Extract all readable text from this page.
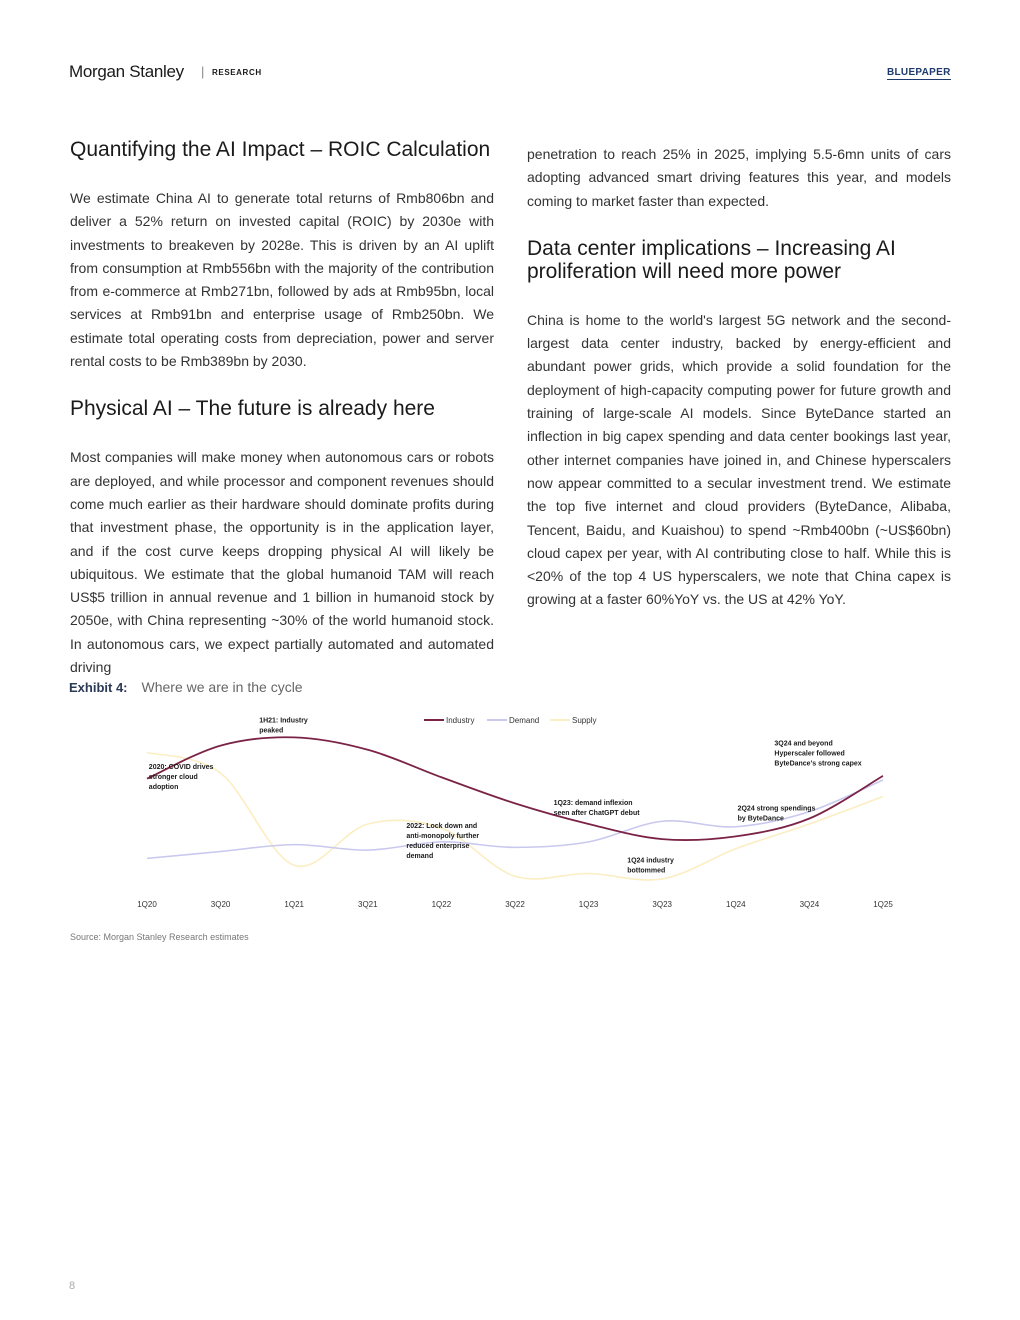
Morgan Stanley | RESEARCH	BLUEPAPER
Quantifying the AI Impact – ROIC Calculation

We estimate China AI to generate total returns of Rmb806bn and deliver a 52% return on invested capital (ROIC) by 2030e with investments to breakeven by 2028e. This is driven by an AI uplift from consumption at Rmb556bn with the majority of the contribution from e-commerce at Rmb271bn, followed by ads at Rmb95bn, local services at Rmb91bn and enterprise usage of Rmb250bn. We estimate total operating costs from depreciation, power and server rental costs to be Rmb389bn by 2030.

Physical AI – The future is already here

Most companies will make money when autonomous cars or robots are deployed, and while processor and component revenues should come much earlier as their hardware should dominate profits during that investment phase, the opportunity is in the application layer, and if the cost curve keeps dropping physical AI will likely be ubiquitous. We estimate that the global humanoid TAM will reach US$5 trillion in annual revenue and 1 billion in humanoid stock by 2050e, with China representing ~30% of the world humanoid stock. In autonomous cars, we expect partially automated and automated driving

penetration to reach 25% in 2025, implying 5.5-6mn units of cars adopting advanced smart driving features this year, and models coming to market faster than expected.

Data center implications – Increasing AI proliferation will need more power

China is home to the world's largest 5G network and the second-largest data center industry, backed by energy-efficient and abundant power grids, which provide a solid foundation for the deployment of high-capacity computing power for future growth and training of large-scale AI models. Since ByteDance started an inflection in big capex spending and data center bookings last year, other internet companies have joined in, and Chinese hyperscalers now appear committed to a secular investment trend. We estimate the top five internet and cloud providers (ByteDance, Alibaba, Tencent, Baidu, and Kuaishou) to spend ~Rmb400bn (~US$60bn) cloud capex per year, with AI contributing close to half. While this is <20% of the top 4 US hyperscalers, we note that China capex is growing at a faster 60%YoY vs. the US at 42% YoY.

Exhibit 4: Where we are in the cycle
1Q20	3Q20	1Q21	3Q21	1Q22	3Q22	1Q23	3Q23	1Q24	3Q24	1Q25
Industry	Demand	Supply
1H21: Industry peaked
2020: COVID drives stronger cloud adoption
2022: Lock down and anti-monopoly further reduced enterprise demand
1Q23: demand inflexion seen after ChatGPT debut
1Q24 industry bottommed
2Q24 strong spendings by ByteDance
3Q24 and beyond Hyperscaler followed ByteDance's strong capex
Source: Morgan Stanley Research estimates
8
